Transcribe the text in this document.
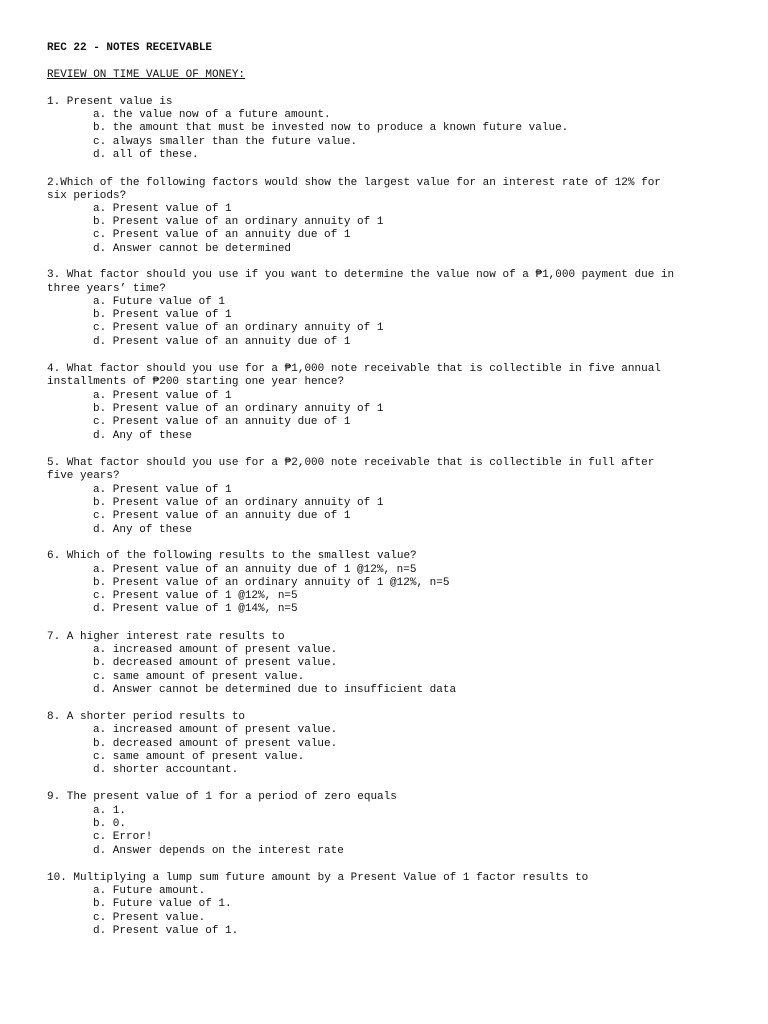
REC 22 - NOTES RECEIVABLE
REVIEW ON TIME VALUE OF MONEY:
1. Present value is
a. the value now of a future amount.
b. the amount that must be invested now to produce a known future value.
c. always smaller than the future value.
d. all of these.
2.Which of the following factors would show the largest value for an interest rate of 12% for
six periods?
a. Present value of 1
b. Present value of an ordinary annuity of 1
c. Present value of an annuity due of 1
d. Answer cannot be determined
3. What factor should you use if you want to determine the value now of a ₱1,000 payment due in
three years’ time?
a. Future value of 1
b. Present value of 1
c. Present value of an ordinary annuity of 1
d. Present value of an annuity due of 1
4. What factor should you use for a ₱1,000 note receivable that is collectible in five annual
installments of ₱200 starting one year hence?
a. Present value of 1
b. Present value of an ordinary annuity of 1
c. Present value of an annuity due of 1
d. Any of these
5. What factor should you use for a ₱2,000 note receivable that is collectible in full after
five years?
a. Present value of 1
b. Present value of an ordinary annuity of 1
c. Present value of an annuity due of 1
d. Any of these
6. Which of the following results to the smallest value?
a. Present value of an annuity due of 1 @12%, n=5
b. Present value of an ordinary annuity of 1 @12%, n=5
c. Present value of 1 @12%, n=5
d. Present value of 1 @14%, n=5
7. A higher interest rate results to
a. increased amount of present value.
b. decreased amount of present value.
c. same amount of present value.
d. Answer cannot be determined due to insufficient data
8. A shorter period results to
a. increased amount of present value.
b. decreased amount of present value.
c. same amount of present value.
d. shorter accountant.
9. The present value of 1 for a period of zero equals
a. 1.
b. 0.
c. Error!
d. Answer depends on the interest rate
10. Multiplying a lump sum future amount by a Present Value of 1 factor results to
a. Future amount.
b. Future value of 1.
c. Present value.
d. Present value of 1.
